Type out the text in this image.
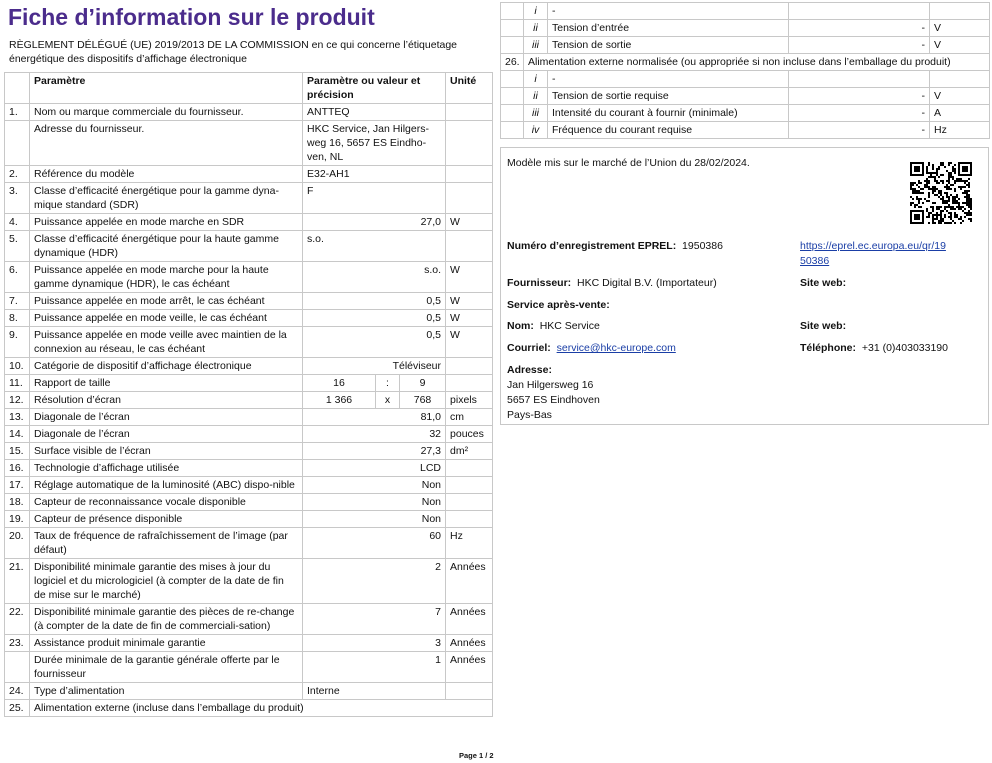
Fiche d’information sur le produit
RÈGLEMENT DÉLÉGUÉ (UE) 2019/2013 DE LA COMMISSION en ce qui concerne l’étiquetage énergétique des dispositifs d’affichage électronique
	Paramètre	Paramètre ou valeur et précision			Unité
1.	Nom ou marque commerciale du fournisseur.	ANTTEQ			
	Adresse du fournisseur.	HKC Service, Jan Hilgers-weg 16, 5657 ES Eindho-ven, NL			
2.	Référence du modèle	E32-AH1			
3.	Classe d’efficacité énergétique pour la gamme dyna-mique standard (SDR)	F			
4.	Puissance appelée en mode marche en SDR	27,0			W
5.	Classe d’efficacité énergétique pour la haute gamme dynamique (HDR)	s.o.			
6.	Puissance appelée en mode marche pour la haute gamme dynamique (HDR), le cas échéant	s.o.			W
7.	Puissance appelée en mode arrêt, le cas échéant	0,5			W
8.	Puissance appelée en mode veille, le cas échéant	0,5			W
9.	Puissance appelée en mode veille avec maintien de la connexion au réseau, le cas échéant	0,5			W
10.	Catégorie de dispositif d’affichage électronique	Téléviseur			
11.	Rapport de taille	16	:	9	
12.	Résolution d’écran	1 366	x	768	pixels
13.	Diagonale de l’écran	81,0			cm
14.	Diagonale de l’écran	32			pouces
15.	Surface visible de l’écran	27,3			dm²
16.	Technologie d’affichage utilisée	LCD			
17.	Réglage automatique de la luminosité (ABC) dispo-nible	Non			
18.	Capteur de reconnaissance vocale disponible	Non			
19.	Capteur de présence disponible	Non			
20.	Taux de fréquence de rafraîchissement de l’image (par défaut)	60			Hz
21.	Disponibilité minimale garantie des mises à jour du logiciel et du micrologiciel (à compter de la date de fin de mise sur le marché)	2			Années
22.	Disponibilité minimale garantie des pièces de re-change (à compter de la date de fin de commerciali-sation)	7			Années
23.	Assistance produit minimale garantie	3			Années
	Durée minimale de la garantie générale offerte par le fournisseur	1			Années
24.	Type d’alimentation	Interne			
25.	Alimentation externe (incluse dans l’emballage du produit)				
	i	-		
	ii	Tension d’entrée	-	V
	iii	Tension de sortie	-	V
26.	Alimentation externe normalisée (ou appropriée si non incluse dans l’emballage du produit)			
	i	-		
	ii	Tension de sortie requise	-	V
	iii	Intensité du courant à fournir (minimale)	-	A
	iv	Fréquence du courant requise	-	Hz
Modèle mis sur le marché de l’Union du 28/02/2024.
Numéro d’enregistrement EPREL: 1950386	https://eprel.ec.europa.eu/qr/19
50386
Fournisseur: HKC Digital B.V. (Importateur)	Site web:
Service après-vente:
Nom: HKC Service	Site web:
Courriel: service@hkc-europe.com	Téléphone: +31 (0)403033190
Adresse:
Jan Hilgersweg 16
5657 ES Eindhoven
Pays-Bas
Page 1 / 2
